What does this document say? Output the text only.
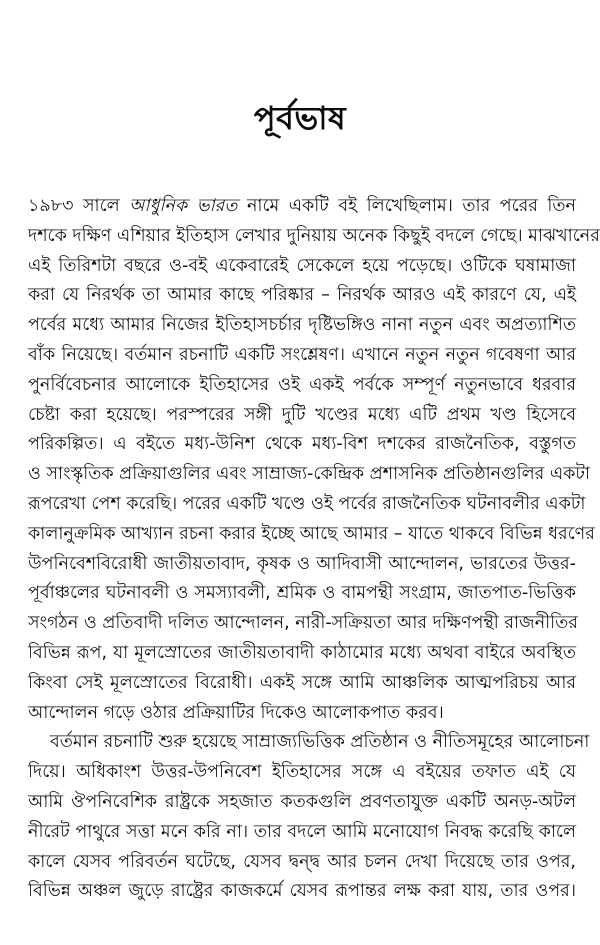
পূর্বভাষ
১৯৮৩ সালে আধুনিক ভারত নামে একটি বই লিখেছিলাম। তার পরের তিন
দশকে দক্ষিণ এশিয়ার ইতিহাস লেখার দুনিয়ায় অনেক কিছুই বদলে গেছে। মাঝখানের
এই তিরিশটা বছরে ও-বই একেবারেই সেকেলে হয়ে পড়েছে। ওটিকে ঘষামাজা
করা যে নিরর্থক তা আমার কাছে পরিষ্কার – নিরর্থক আরও এই কারণে যে, এই
পর্বের মধ্যে আমার নিজের ইতিহাসচর্চার দৃষ্টিভঙ্গিও নানা নতুন এবং অপ্রত্যাশিত
বাঁক নিয়েছে। বর্তমান রচনাটি একটি সংশ্লেষণ। এখানে নতুন নতুন গবেষণা আর
পুনর্বিবেচনার আলোকে ইতিহাসের ওই একই পর্বকে সম্পূর্ণ নতুনভাবে ধরবার
চেষ্টা করা হয়েছে। পরস্পরের সঙ্গী দুটি খণ্ডের মধ্যে এটি প্রথম খণ্ড হিসেবে
পরিকল্পিত। এ বইতে মধ্য-উনিশ থেকে মধ্য-বিশ দশকের রাজনৈতিক, বস্তুগত
ও সাংস্কৃতিক প্রক্রিয়াগুলির এবং সাম্রাজ্য-কেন্দ্রিক প্রশাসনিক প্রতিষ্ঠানগুলির একটা
রূপরেখা পেশ করেছি। পরের একটি খণ্ডে ওই পর্বের রাজনৈতিক ঘটনাবলীর একটা
কালানুক্রমিক আখ্যান রচনা করার ইচ্ছে আছে আমার – যাতে থাকবে বিভিন্ন ধরণের
উপনিবেশবিরোধী জাতীয়তাবাদ, কৃষক ও আদিবাসী আন্দোলন, ভারতের উত্তর-
পূর্বাঞ্চলের ঘটনাবলী ও সমস্যাবলী, শ্রমিক ও বামপন্থী সংগ্রাম, জাতপাত-ভিত্তিক
সংগঠন ও প্রতিবাদী দলিত আন্দোলন, নারী-সক্রিয়তা আর দক্ষিণপন্থী রাজনীতির
বিভিন্ন রূপ, যা মূলস্রোতের জাতীয়তাবাদী কাঠামোর মধ্যে অথবা বাইরে অবস্থিত
কিংবা সেই মূলস্রোতের বিরোধী। একই সঙ্গে আমি আঞ্চলিক আত্মপরিচয় আর
আন্দোলন গড়ে ওঠার প্রক্রিয়াটির দিকেও আলোকপাত করব।
বর্তমান রচনাটি শুরু হয়েছে সাম্রাজ্যভিত্তিক প্রতিষ্ঠান ও নীতিসমূহের আলোচনা
দিয়ে। অধিকাংশ উত্তর-উপনিবেশ ইতিহাসের সঙ্গে এ বইয়ের তফাত এই যে
আমি ঔপনিবেশিক রাষ্ট্রকে সহজাত কতকগুলি প্রবণতাযুক্ত একটি অনড়-অটল
নীরেট পাথুরে সত্তা মনে করি না। তার বদলে আমি মনোযোগ নিবদ্ধ করেছি কালে
কালে যেসব পরিবর্তন ঘটেছে, যেসব দ্বন্দ্ব আর চলন দেখা দিয়েছে তার ওপর,
বিভিন্ন অঞ্চল জুড়ে রাষ্ট্রের কাজকর্মে যেসব রূপান্তর লক্ষ করা যায়, তার ওপর।
